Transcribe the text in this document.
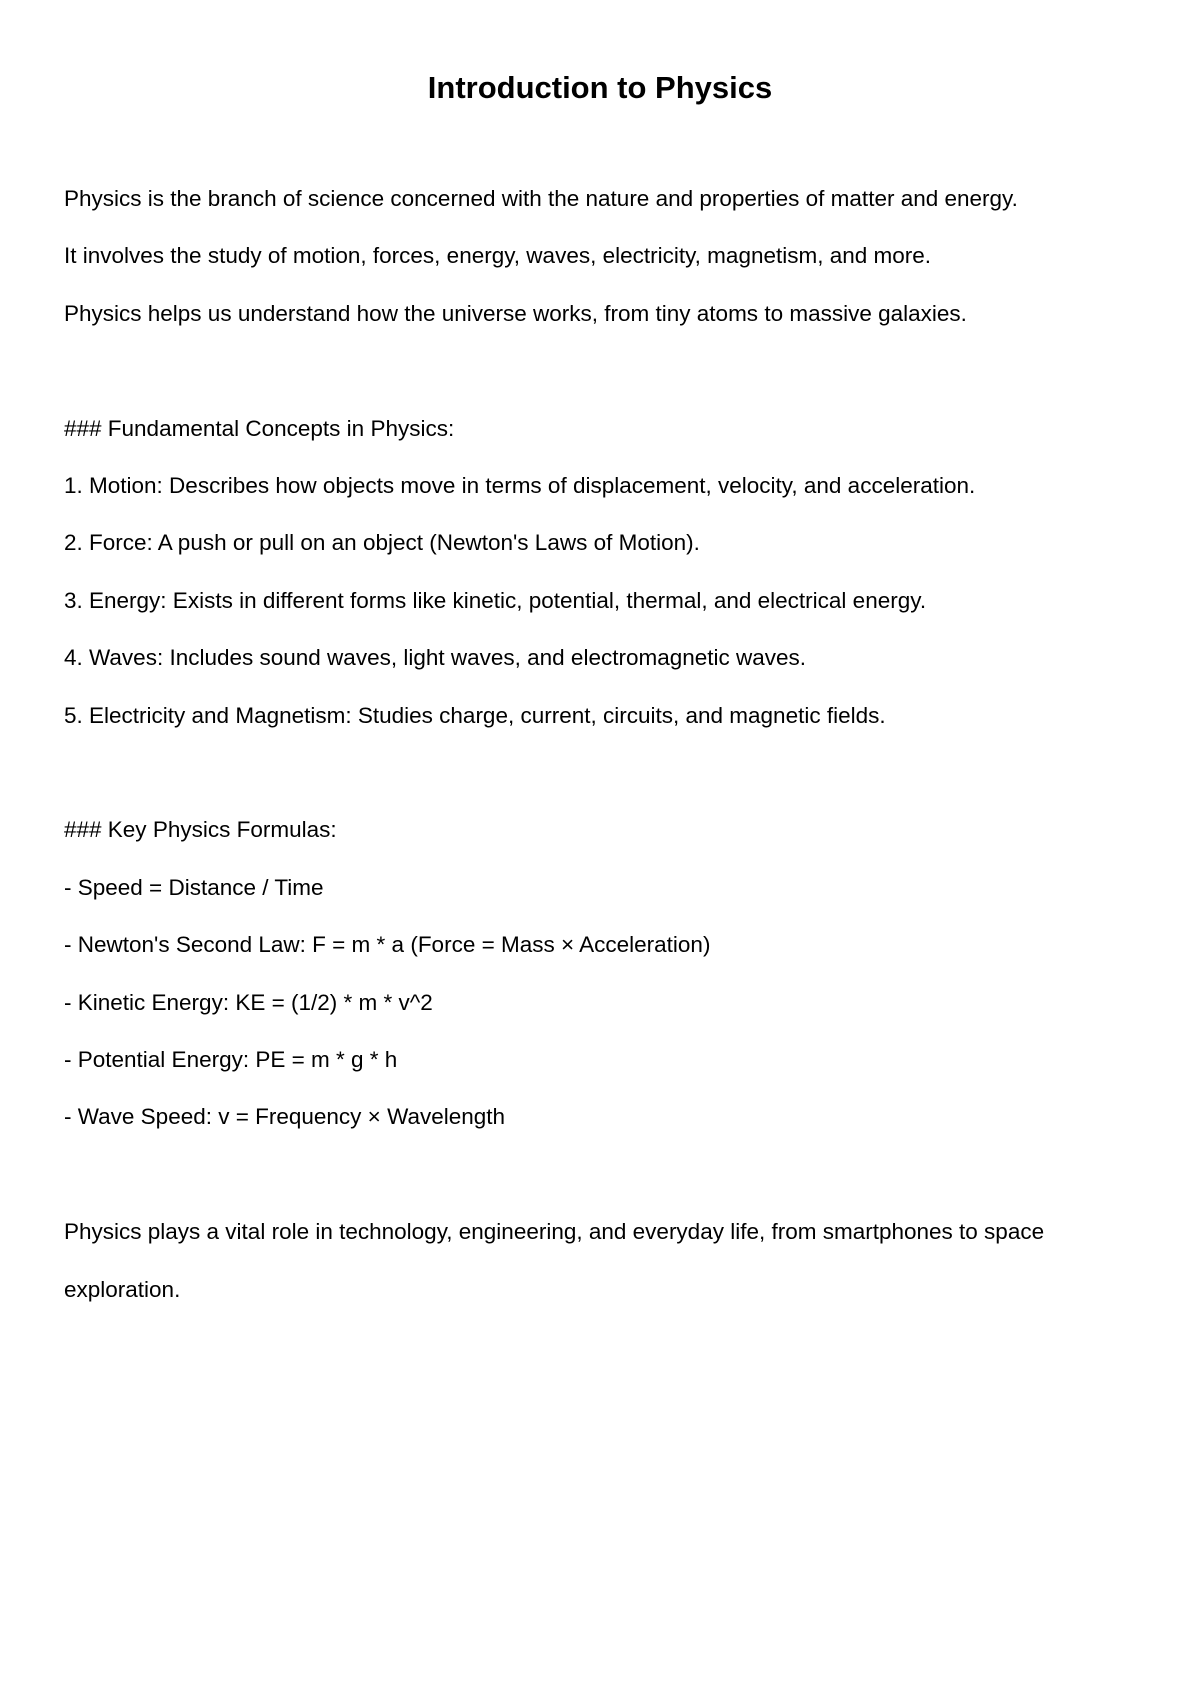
Introduction to Physics

Physics is the branch of science concerned with the nature and properties of matter and energy.

It involves the study of motion, forces, energy, waves, electricity, magnetism, and more.

Physics helps us understand how the universe works, from tiny atoms to massive galaxies.

### Fundamental Concepts in Physics:

1. Motion: Describes how objects move in terms of displacement, velocity, and acceleration.

2. Force: A push or pull on an object (Newton's Laws of Motion).

3. Energy: Exists in different forms like kinetic, potential, thermal, and electrical energy.

4. Waves: Includes sound waves, light waves, and electromagnetic waves.

5. Electricity and Magnetism: Studies charge, current, circuits, and magnetic fields.

### Key Physics Formulas:

- Speed = Distance / Time

- Newton's Second Law: F = m * a (Force = Mass × Acceleration)

- Kinetic Energy: KE = (1/2) * m * v^2

- Potential Energy: PE = m * g * h

- Wave Speed: v = Frequency × Wavelength

Physics plays a vital role in technology, engineering, and everyday life, from smartphones to space exploration.
